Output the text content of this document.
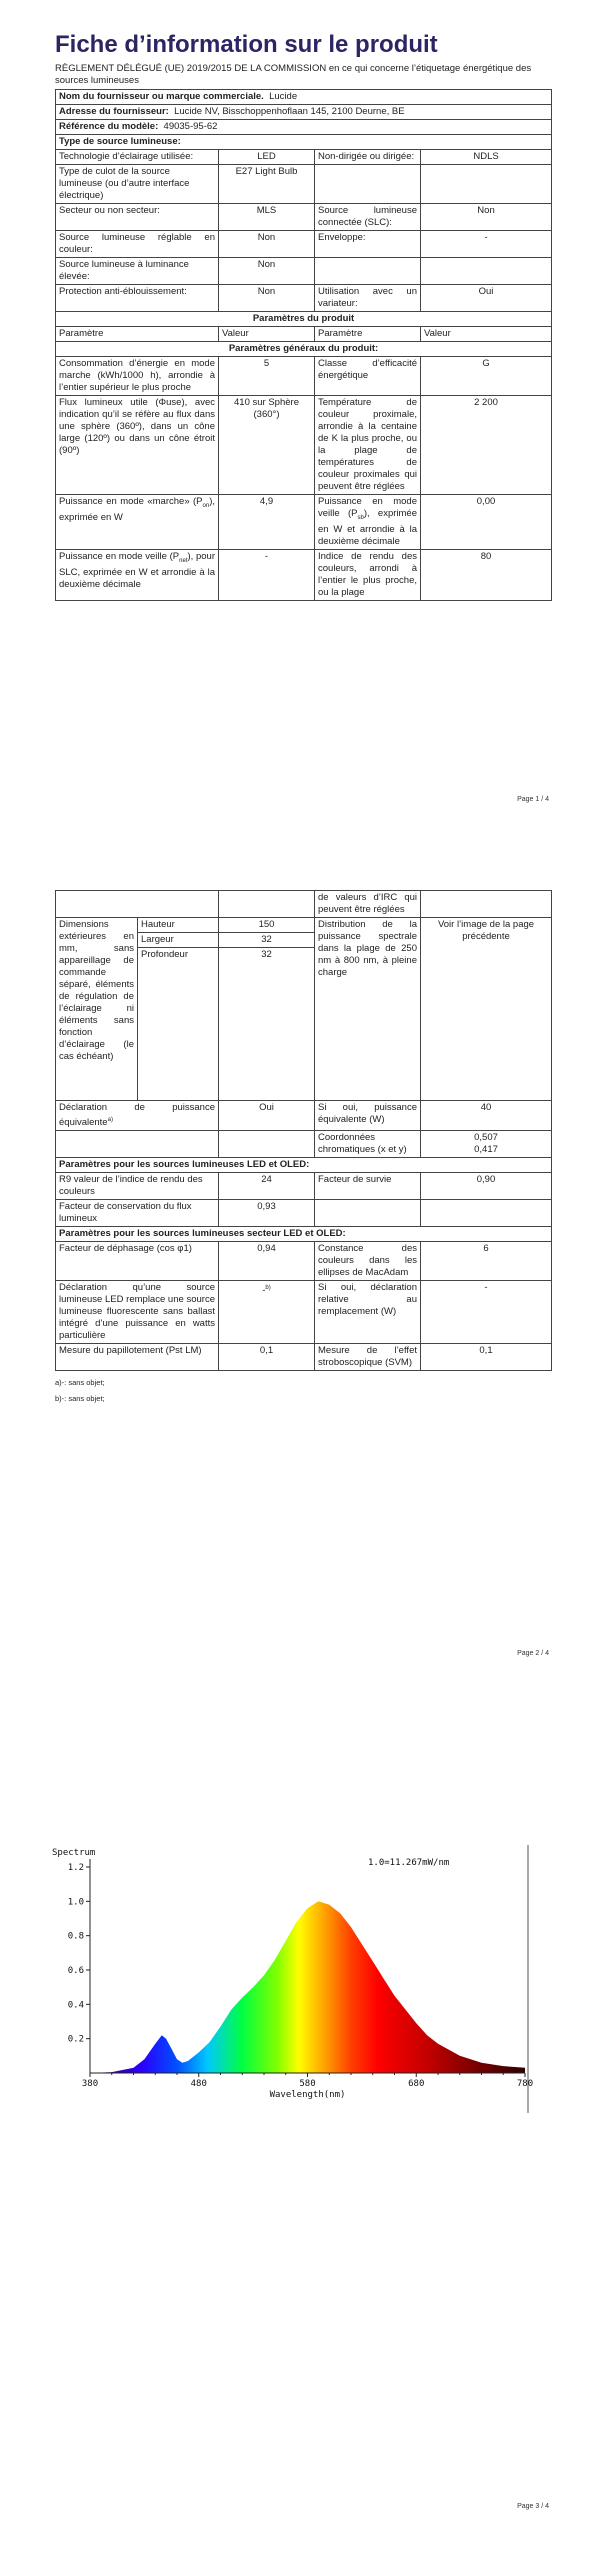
Fiche d’information sur le produit
RÈGLEMENT DÉLÉGUÉ (UE) 2019/2015 DE LA COMMISSION en ce qui concerne l’étiquetage énergétique des sources lumineuses
Nom du fournisseur ou marque commerciale. Lucide			
Adresse du fournisseur: Lucide NV, Bisschoppenhoflaan 145, 2100 Deurne, BE			
Référence du modèle: 49035-95-62			
Type de source lumineuse:			
Technologie d’éclairage utilisée:	LED	Non-dirigée ou dirigée:	NDLS
Type de culot de la source lumineuse (ou d’autre interface électrique)	E27 Light Bulb		
Secteur ou non secteur:	MLS	Source lumineuse connectée (SLC):	Non
Source lumineuse réglable en couleur:	Non	Enveloppe:	-
Source lumineuse à luminance élevée:	Non		
Protection anti-éblouissement:	Non	Utilisation avec un variateur:	Oui
Paramètres du produit			
Paramètre	Valeur	Paramètre	Valeur
Paramètres généraux du produit:			
Consommation d’énergie en mode marche (kWh/1000 h), arrondie à l’entier supérieur le plus proche	5	Classe d’efficacité énergétique	G
Flux lumineux utile (Φuse), avec indication qu’il se réfère au flux dans une sphère (360º), dans un cône large (120º) ou dans un cône étroit (90º)	410 sur Sphère (360°)	Température de couleur proximale, arrondie à la centaine de K la plus proche, ou la plage de températures de couleur proximales qui peuvent être réglées	2 200
Puissance en mode «marche» $(P_{on})$, exprimée en W	4,9	Puissance en mode veille $(P_{sb})$, exprimée en W et arrondie à la deuxième décimale	0,00
Puissance en mode veille $(P_{net})$, pour SLC, exprimée en W et arrondie à la deuxième décimale	-	Indice de rendu des couleurs, arrondi à l’entier le plus proche, ou la plage	80
Page 1 / 4
			de valeurs d’IRC qui peuvent être réglées	
Dimensions extérieures en mm, sans appareillage de commande séparé, éléments de régulation de l’éclairage ni éléments sans fonction d’éclairage (le cas échéant)	Hauteur	150	Distribution de la puissance spectrale dans la plage de 250 nm à 800 nm, à pleine charge	Voir l’image de la page précédente
	Largeur	32		
	Profondeur	32		
Déclaration de puissance équivalente$^{a)}$		Oui	Si oui, puissance équivalente (W)	40
			Coordonnées chromatiques (x et y)	0,507
0,417

Paramètres pour les sources lumineuses LED et OLED:				
R9 valeur de l’indice de rendu des couleurs		24	Facteur de survie	0,90
Facteur de conservation du flux lumineux		0,93		
Paramètres pour les sources lumineuses secteur LED et OLED:				
Facteur de déphasage (cos φ1)		0,94	Constance des couleurs dans les ellipses de MacAdam	6
Déclaration qu’une source lumineuse LED remplace une source lumineuse fluorescente sans ballast intégré d’une puissance en watts particulière		-$^{b)}$	Si oui, déclaration relative au remplacement (W)	-
Mesure du papillotement (Pst LM)		0,1	Mesure de l’effet stroboscopique (SVM)	0,1
a)-: sans objet;
b)-: sans objet;
Page 2 / 4
0.2
0.4
0.6
0.8
1.0
1.2
380	480	580	680	780
Spectrum
1.0=11.267mW/nm
Wavelength(nm)
Page 3 / 4
